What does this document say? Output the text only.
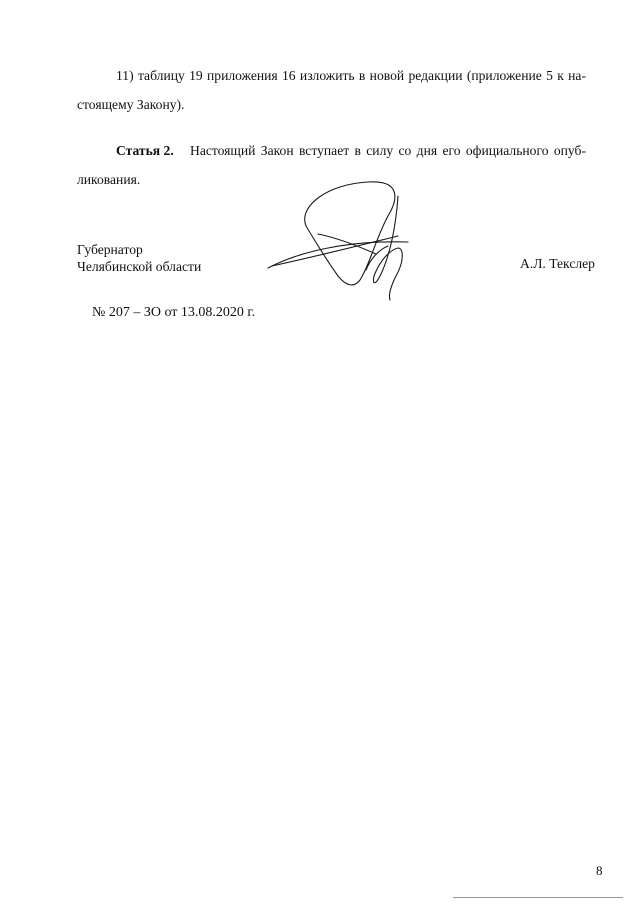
11) таблицу 19 приложения 16 изложить в новой редакции (приложение 5 к на-
стоящему Закону).
Статья 2. Настоящий Закон вступает в силу со дня его официального опуб-
ликования.
Губернатор
Челябинской области	А.Л. Текслер
№ 207 – ЗО от 13.08.2020 г.
8
